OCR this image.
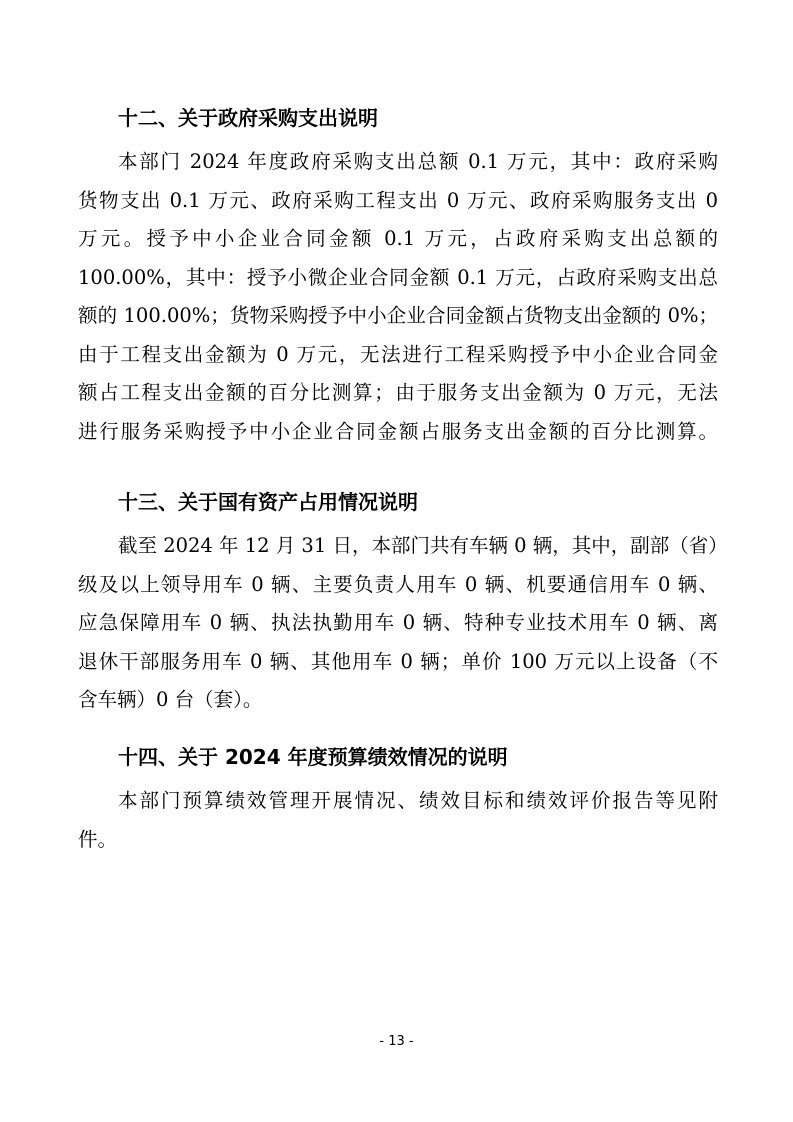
十二、关于政府采购支出说明
本部门 2024 年度政府采购支出总额 0.1 万元，其中：政府采购
货物支出 0.1 万元、政府采购工程支出 0 万元、政府采购服务支出 0
万元。授予中小企业合同金额 0.1 万元，占政府采购支出总额的
100.00%，其中：授予小微企业合同金额 0.1 万元，占政府采购支出总
额的 100.00%；货物采购授予中小企业合同金额占货物支出金额的 0%；
由于工程支出金额为 0 万元，无法进行工程采购授予中小企业合同金
额占工程支出金额的百分比测算；由于服务支出金额为 0 万元，无法
进行服务采购授予中小企业合同金额占服务支出金额的百分比测算。
十三、关于国有资产占用情况说明
截至 2024 年 12 月 31 日，本部门共有车辆 0 辆，其中，副部（省）
级及以上领导用车 0 辆、主要负责人用车 0 辆、机要通信用车 0 辆、
应急保障用车 0 辆、执法执勤用车 0 辆、特种专业技术用车 0 辆、离
退休干部服务用车 0 辆、其他用车 0 辆；单价 100 万元以上设备（不
含车辆）0 台（套）。
十四、关于 2024 年度预算绩效情况的说明
本部门预算绩效管理开展情况、绩效目标和绩效评价报告等见附
件。
- 13 -
